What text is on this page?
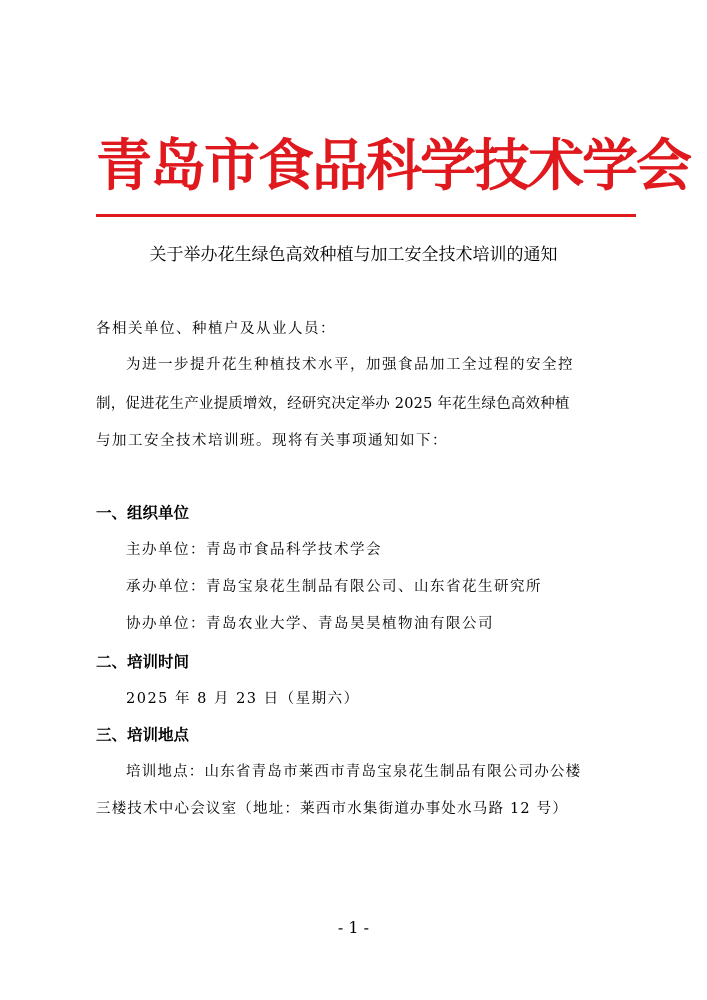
青岛市食品科学技术学会
关于举办花生绿色高效种植与加工安全技术培训的通知
各相关单位、种植户及从业人员：
为进一步提升花生种植技术水平，加强食品加工全过程的安全控
制，促进花生产业提质增效，经研究决定举办 2025 年花生绿色高效种植
与加工安全技术培训班。现将有关事项通知如下：
一、组织单位
主办单位：青岛市食品科学技术学会
承办单位：青岛宝泉花生制品有限公司、山东省花生研究所
协办单位：青岛农业大学、青岛昊昊植物油有限公司
二、培训时间
2025 年 8 月 23 日（星期六）
三、培训地点
培训地点：山东省青岛市莱西市青岛宝泉花生制品有限公司办公楼
三楼技术中心会议室（地址：莱西市水集街道办事处水马路 12 号）
- 1 -
